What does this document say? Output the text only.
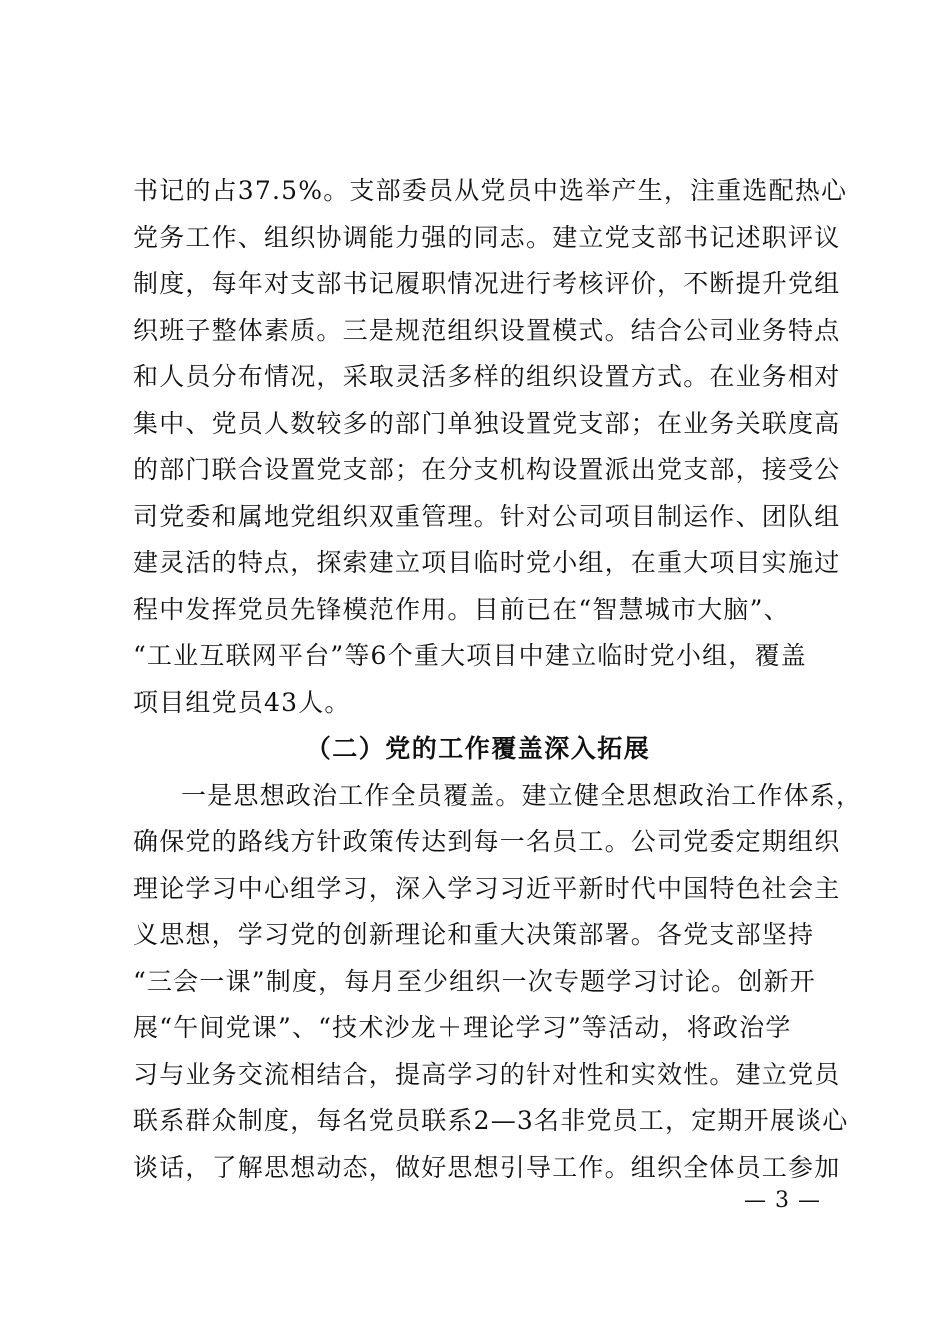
书记的占37.5%。支部委员从党员中选举产生，注重选配热心
党务工作、组织协调能力强的同志。建立党支部书记述职评议
制度，每年对支部书记履职情况进行考核评价，不断提升党组
织班子整体素质。三是规范组织设置模式。结合公司业务特点
和人员分布情况，采取灵活多样的组织设置方式。在业务相对
集中、党员人数较多的部门单独设置党支部；在业务关联度高
的部门联合设置党支部；在分支机构设置派出党支部，接受公
司党委和属地党组织双重管理。针对公司项目制运作、团队组
建灵活的特点，探索建立项目临时党小组，在重大项目实施过
程中发挥党员先锋模范作用。目前已在“智慧城市大脑”、
“工业互联网平台”等6个重大项目中建立临时党小组，覆盖
项目组党员43人。
（二）党的工作覆盖深入拓展
一是思想政治工作全员覆盖。建立健全思想政治工作体系，
确保党的路线方针政策传达到每一名员工。公司党委定期组织
理论学习中心组学习，深入学习习近平新时代中国特色社会主
义思想，学习党的创新理论和重大决策部署。各党支部坚持
“三会一课”制度，每月至少组织一次专题学习讨论。创新开
展“午间党课”、“技术沙龙＋理论学习”等活动，将政治学
习与业务交流相结合，提高学习的针对性和实效性。建立党员
联系群众制度，每名党员联系2—3名非党员工，定期开展谈心
谈话，了解思想动态，做好思想引导工作。组织全体员工参加
— 3 —
